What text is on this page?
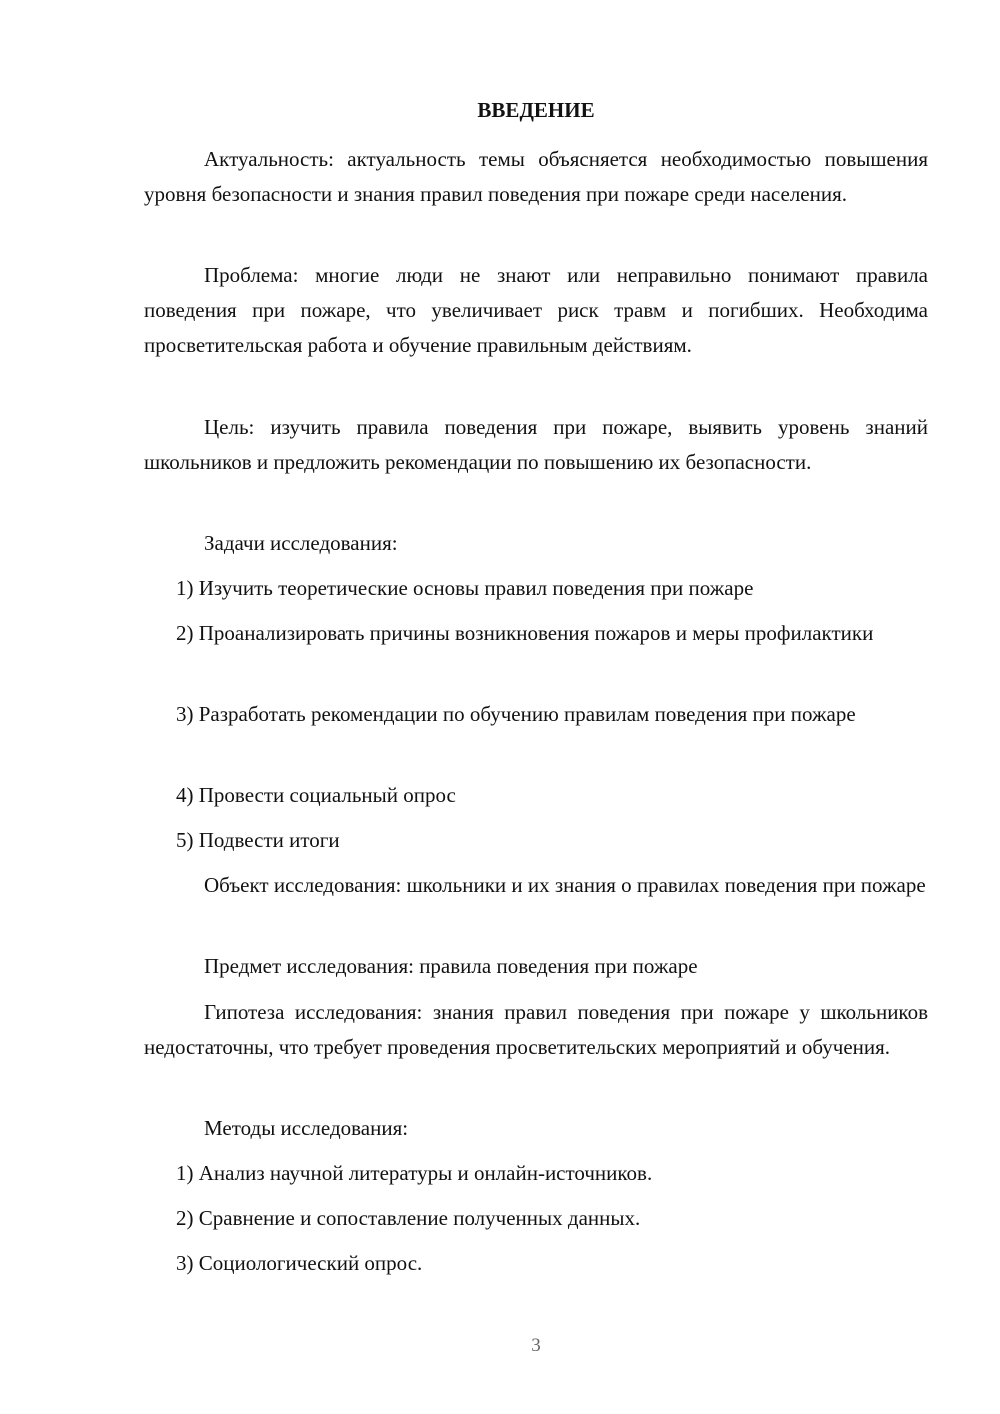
ВВЕДЕНИЕ

Актуальность: актуальность темы объясняется необходимостью повышения уровня безопасности и знания правил поведения при пожаре среди населения.

Проблема: многие люди не знают или неправильно понимают правила поведения при пожаре, что увеличивает риск травм и погибших. Необходима просветительская работа и обучение правильным действиям.

Цель: изучить правила поведения при пожаре, выявить уровень знаний школьников и предложить рекомендации по повышению их безопасности.

Задачи исследования:

1) Изучить теоретические основы правил поведения при пожаре

2) Проанализировать причины возникновения пожаров и меры профилактики

3) Разработать рекомендации по обучению правилам поведения при пожаре

4) Провести социальный опрос

5) Подвести итоги

Объект исследования: школьники и их знания о правилах поведения при пожаре

Предмет исследования: правила поведения при пожаре

Гипотеза исследования: знания правил поведения при пожаре у школьников недостаточны, что требует проведения просветительских мероприятий и обучения.

Методы исследования:

1) Анализ научной литературы и онлайн-источников.

2) Сравнение и сопоставление полученных данных.

3) Социологический опрос.

3
